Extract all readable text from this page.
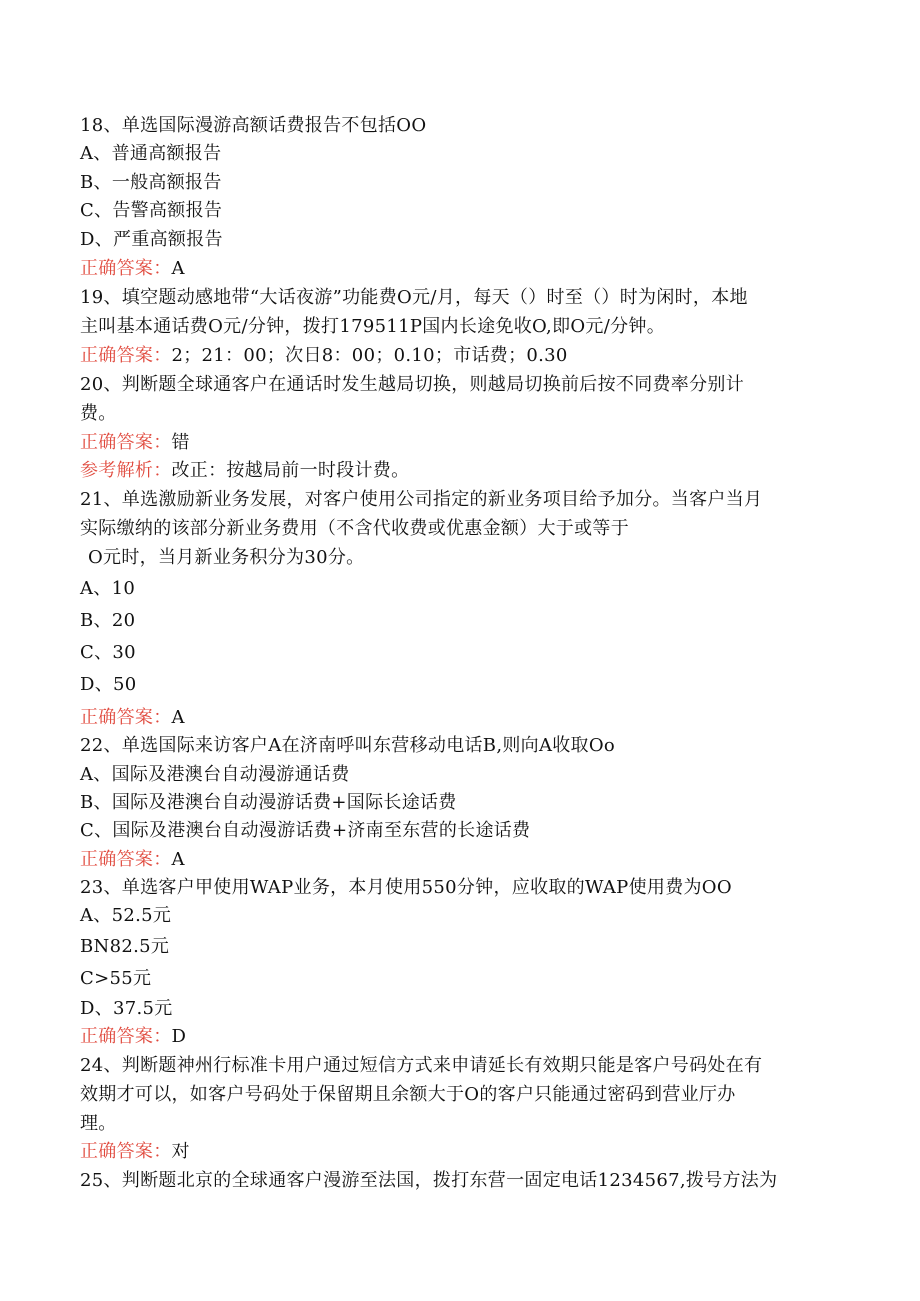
18、单选国际漫游高额话费报告不包括OO
A、普通高额报告
B、一般高额报告
C、告警高额报告
D、严重高额报告
正确答案：A
19、填空题动感地带“大话夜游”功能费O元/月，每天（）时至（）时为闲时，本地
主叫基本通话费O元/分钟，拨打179511P国内长途免收O,即O元/分钟。
正确答案：2；21：00；次日8：00；0.10；市话费；0.30
20、判断题全球通客户在通话时发生越局切换，则越局切换前后按不同费率分别计
费。
正确答案：错
参考解析：改正：按越局前一时段计费。
21、单选激励新业务发展，对客户使用公司指定的新业务项目给予加分。当客户当月
实际缴纳的该部分新业务费用（不含代收费或优惠金额）大于或等于
O元时，当月新业务积分为30分。
A、10
B、20
C、30
D、50
正确答案：A
22、单选国际来访客户A在济南呼叫东营移动电话B,则向A收取Oo
A、国际及港澳台自动漫游通话费
B、国际及港澳台自动漫游话费+国际长途话费
C、国际及港澳台自动漫游话费+济南至东营的长途话费
正确答案：A
23、单选客户甲使用WAP业务，本月使用550分钟，应收取的WAP使用费为OO
A、52.5元
BN82.5元
C>55元
D、37.5元
正确答案：D
24、判断题神州行标准卡用户通过短信方式来申请延长有效期只能是客户号码处在有
效期才可以，如客户号码处于保留期且余额大于O的客户只能通过密码到营业厅办
理。
正确答案：对
25、判断题北京的全球通客户漫游至法国，拨打东营一固定电话1234567,拨号方法为
